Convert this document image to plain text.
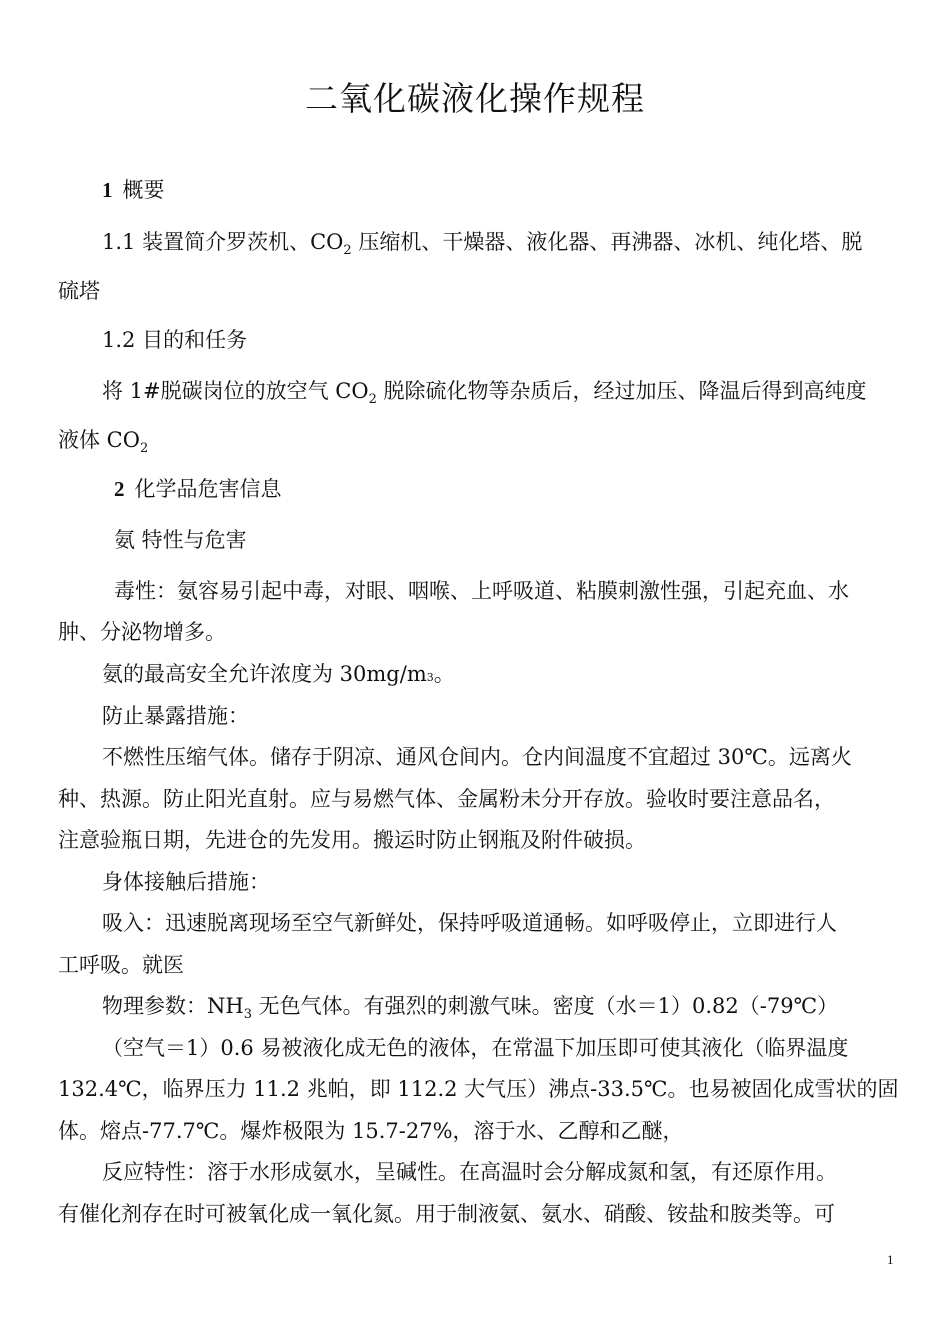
二氧化碳液化操作规程
1 概要
1.1 装置简介罗茨机、$CO_2$ 压缩机、干燥器、液化器、再沸器、冰机、纯化塔、脱
硫塔
1.2 目的和任务
将 1#脱碳岗位的放空气 $CO_2$ 脱除硫化物等杂质后，经过加压、降温后得到高纯度
液体 $CO_2$
2 化学品危害信息
氨 特性与危害
毒性：氨容易引起中毒，对眼、咽喉、上呼吸道、粘膜刺激性强，引起充血、水
肿、分泌物增多。
氨的最高安全允许浓度为 30mg/m3。
防止暴露措施：
不燃性压缩气体。储存于阴凉、通风仓间内。仓内间温度不宜超过 30℃。远离火
种、热源。防止阳光直射。应与易燃气体、金属粉未分开存放。验收时要注意品名，
注意验瓶日期，先进仓的先发用。搬运时防止钢瓶及附件破损。
身体接触后措施：
吸入：迅速脱离现场至空气新鲜处，保持呼吸道通畅。如呼吸停止，立即进行人
工呼吸。就医
物理参数：$NH_3$ 无色气体。有强烈的刺激气味。密度（水＝1）0.82（-79℃）
（空气＝1）0.6 易被液化成无色的液体，在常温下加压即可使其液化（临界温度
132.4℃，临界压力 11.2 兆帕，即 112.2 大气压）沸点-33.5℃。也易被固化成雪状的固
体。熔点-77.7℃。爆炸极限为 15.7-27%，溶于水、乙醇和乙醚，
反应特性：溶于水形成氨水，呈碱性。在高温时会分解成氮和氢，有还原作用。
有催化剂存在时可被氧化成一氧化氮。用于制液氨、氨水、硝酸、铵盐和胺类等。可
1
